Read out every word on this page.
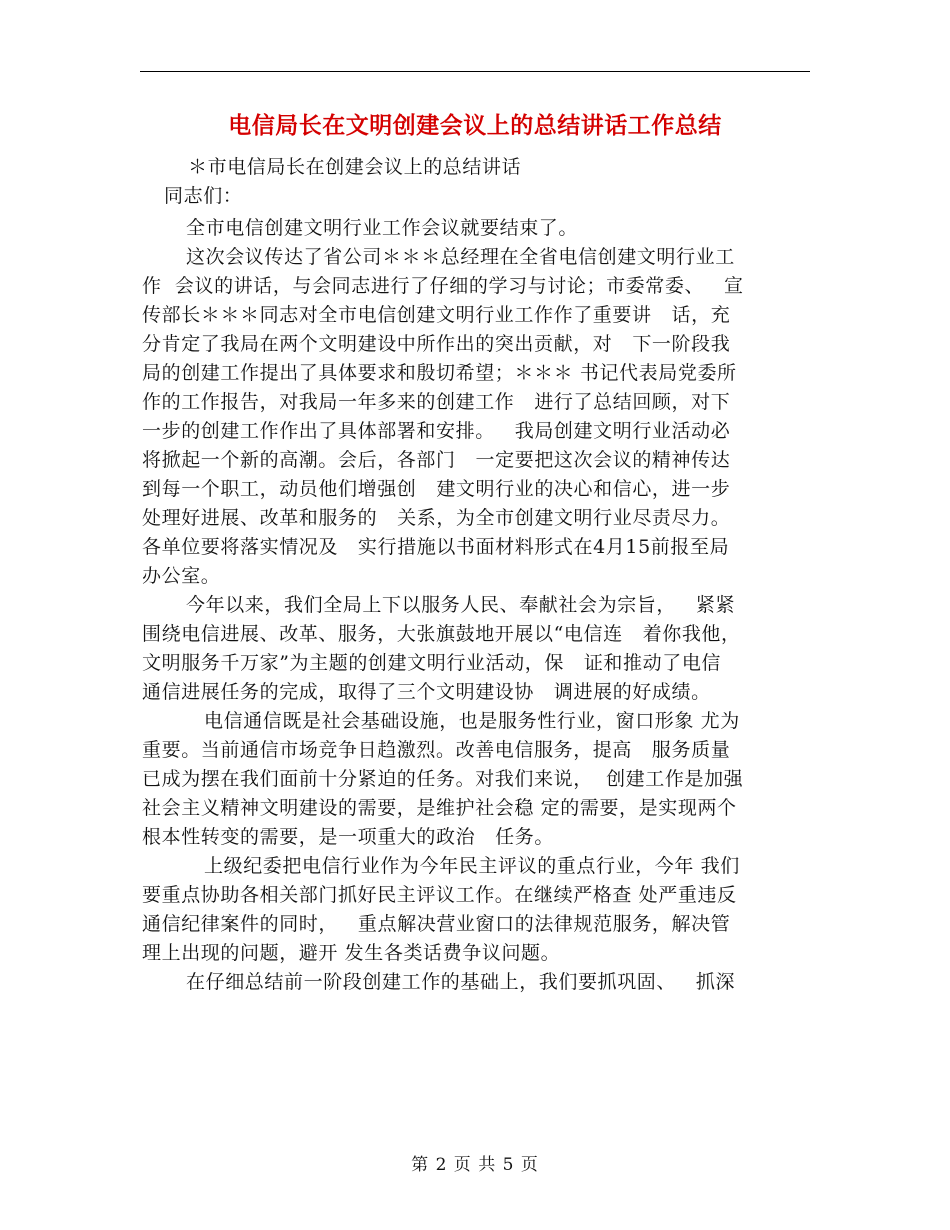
电信局长在文明创建会议上的总结讲话工作总结
＊市电信局长在创建会议上的总结讲话
同志们：
全市电信创建文明行业工作会议就要结束了。
这次会议传达了省公司＊＊＊总经理在全省电信创建文明行业工
作  会议的讲话，与会同志进行了仔细的学习与讨论；市委常委、   宣
传部长＊＊＊同志对全市电信创建文明行业工作作了重要讲   话，充
分肯定了我局在两个文明建设中所作出的突出贡献，对   下一阶段我
局的创建工作提出了具体要求和殷切希望；＊＊＊ 书记代表局党委所
作的工作报告，对我局一年多来的创建工作   进行了总结回顾，对下
一步的创建工作作出了具体部署和安排。   我局创建文明行业活动必
将掀起一个新的高潮。会后，各部门   一定要把这次会议的精神传达
到每一个职工，动员他们增强创   建文明行业的决心和信心，进一步
处理好进展、改革和服务的   关系，为全市创建文明行业尽责尽力。
各单位要将落实情况及   实行措施以书面材料形式在4月15前报至局
办公室。
今年以来，我们全局上下以服务人民、奉献社会为宗旨，   紧紧
围绕电信进展、改革、服务，大张旗鼓地开展以“电信连   着你我他，
文明服务千万家”为主题的创建文明行业活动，保   证和推动了电信
通信进展任务的完成，取得了三个文明建设协   调进展的好成绩。
电信通信既是社会基础设施，也是服务性行业，窗口形象 尤为
重要。当前通信市场竞争日趋激烈。改善电信服务，提高   服务质量
已成为摆在我们面前十分紧迫的任务。对我们来说，  创建工作是加强
社会主义精神文明建设的需要，是维护社会稳 定的需要，是实现两个
根本性转变的需要，是一项重大的政治   任务。
上级纪委把电信行业作为今年民主评议的重点行业，今年 我们
要重点协助各相关部门抓好民主评议工作。在继续严格查 处严重违反
通信纪律案件的同时，   重点解决营业窗口的法律规范服务，解决管
理上出现的问题，避开 发生各类话费争议问题。
在仔细总结前一阶段创建工作的基础上，我们要抓巩固、   抓深
第 2 页 共 5 页
